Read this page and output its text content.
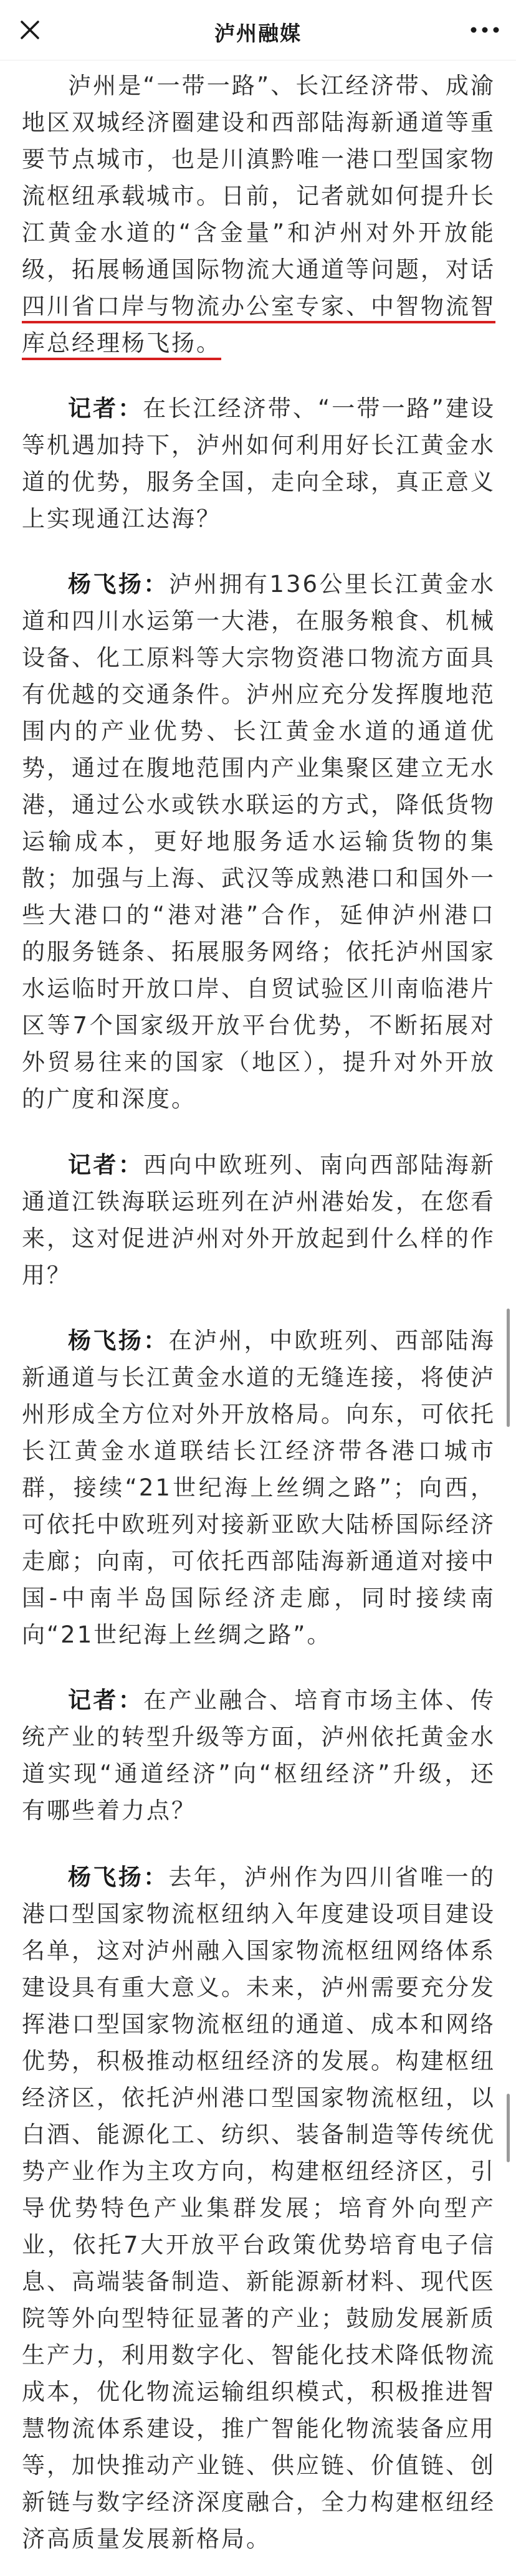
泸州融媒

泸州是“一带一路”、长江经济带、成渝地区双城经济圈建设和西部陆海新通道等重要节点城市，也是川滇黔唯一港口型国家物流枢纽承载城市。日前，记者就如何提升长江黄金水道的“含金量”和泸州对外开放能级，拓展畅通国际物流大通道等问题，对话四川省口岸与物流办公室专家、中智物流智库总经理杨飞扬。

记者：在长江经济带、“一带一路”建设等机遇加持下，泸州如何利用好长江黄金水道的优势，服务全国，走向全球，真正意义上实现通江达海？

杨飞扬：泸州拥有136公里长江黄金水道和四川水运第一大港，在服务粮食、机械设备、化工原料等大宗物资港口物流方面具有优越的交通条件。泸州应充分发挥腹地范围内的产业优势、长江黄金水道的通道优势，通过在腹地范围内产业集聚区建立无水港，通过公水或铁水联运的方式，降低货物运输成本，更好地服务适水运输货物的集散；加强与上海、武汉等成熟港口和国外一些大港口的“港对港”合作，延伸泸州港口的服务链条、拓展服务网络；依托泸州国家水运临时开放口岸、自贸试验区川南临港片区等7个国家级开放平台优势，不断拓展对外贸易往来的国家（地区），提升对外开放的广度和深度。

记者：西向中欧班列、南向西部陆海新通道江铁海联运班列在泸州港始发，在您看来，这对促进泸州对外开放起到什么样的作用？

杨飞扬：在泸州，中欧班列、西部陆海新通道与长江黄金水道的无缝连接，将使泸州形成全方位对外开放格局。向东，可依托长江黄金水道联结长江经济带各港口城市群，接续“21世纪海上丝绸之路”；向西，可依托中欧班列对接新亚欧大陆桥国际经济走廊；向南，可依托西部陆海新通道对接中国-中南半岛国际经济走廊，同时接续南向“21世纪海上丝绸之路”。

记者：在产业融合、培育市场主体、传统产业的转型升级等方面，泸州依托黄金水道实现“通道经济”向“枢纽经济”升级，还有哪些着力点？

杨飞扬：去年，泸州作为四川省唯一的港口型国家物流枢纽纳入年度建设项目建设名单，这对泸州融入国家物流枢纽网络体系建设具有重大意义。未来，泸州需要充分发挥港口型国家物流枢纽的通道、成本和网络优势，积极推动枢纽经济的发展。构建枢纽经济区，依托泸州港口型国家物流枢纽，以白酒、能源化工、纺织、装备制造等传统优势产业作为主攻方向，构建枢纽经济区，引导优势特色产业集群发展；培育外向型产业，依托7大开放平台政策优势培育电子信息、高端装备制造、新能源新材料、现代医院等外向型特征显著的产业；鼓励发展新质生产力，利用数字化、智能化技术降低物流成本，优化物流运输组织模式，积极推进智慧物流体系建设，推广智能化物流装备应用等，加快推动产业链、供应链、价值链、创新链与数字经济深度融合，全力构建枢纽经济高质量发展新格局。
